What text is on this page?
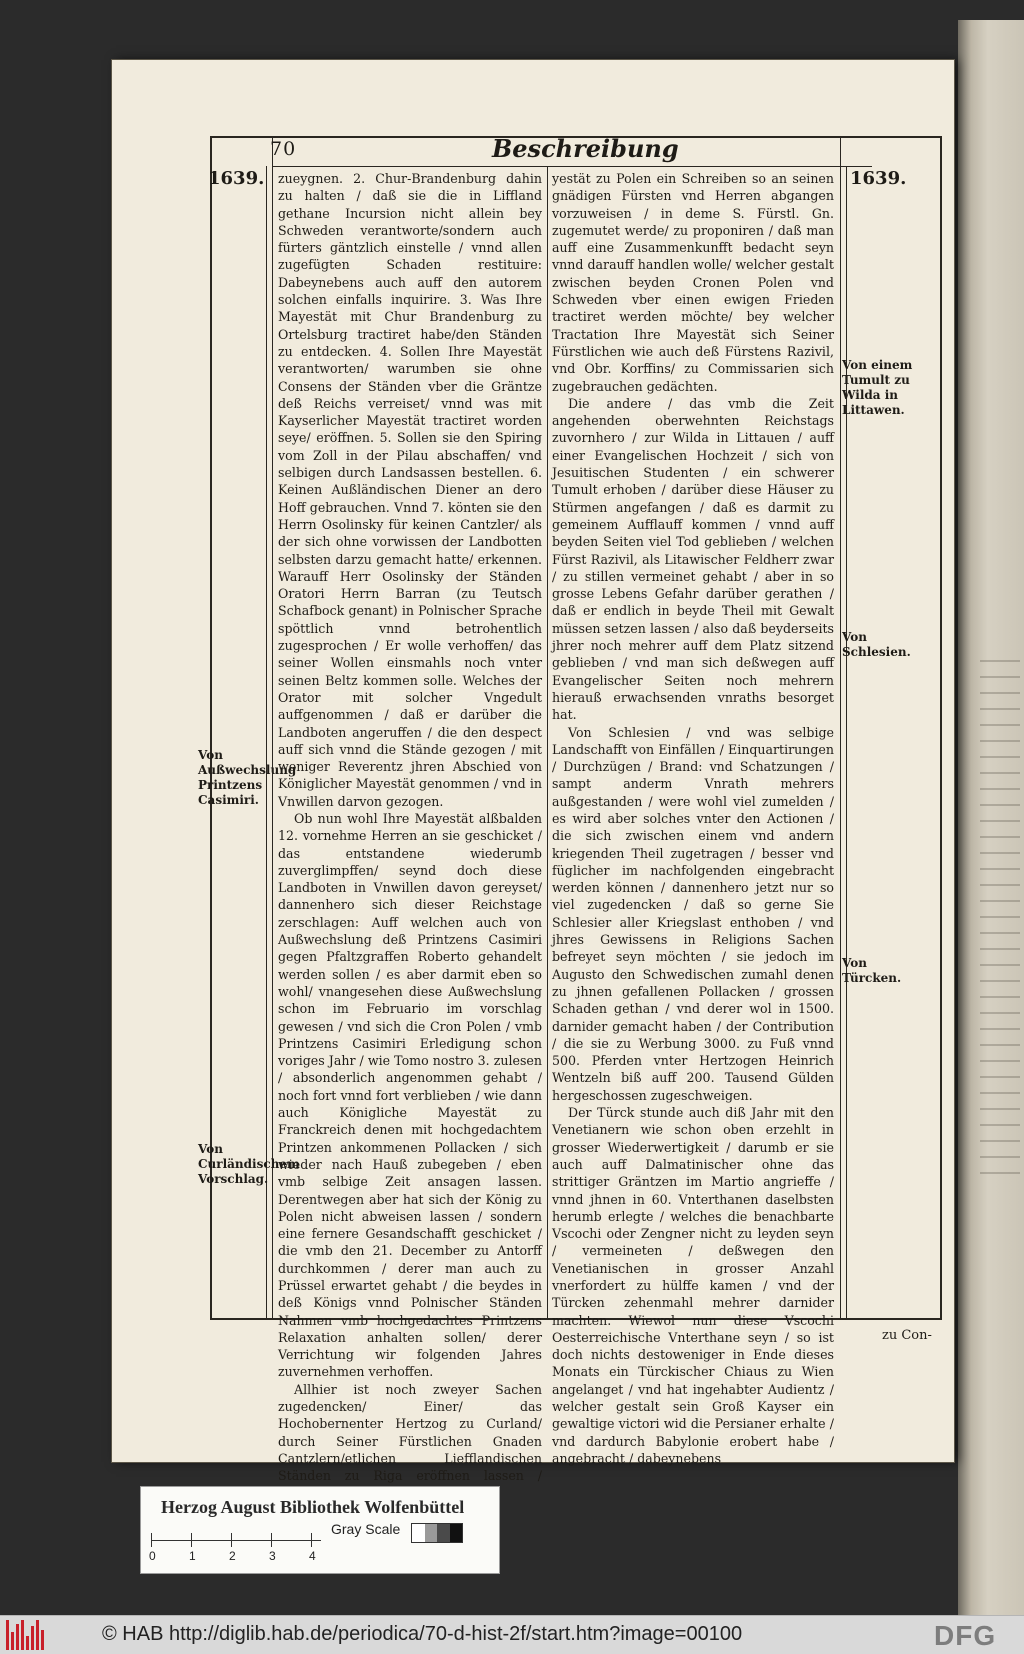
70	Beschreibung
1639.	1639.
Von Außwechslung Printzens Casimiri.
Von Curländischem Vorschlag.
Von einem Tumult zu Wilda in Littawen.
Von Schlesien.
Von Türcken.

zueygnen. 2. Chur-Brandenburg dahin zu halten / daß sie die in Liffland gethane Incursion nicht allein bey Schweden verantworte/sondern auch fürters gäntzlich einstelle / vnnd allen zugefügten Schaden restituire: Dabeynebens auch auff den autorem solchen einfalls inquirire. 3. Was Ihre Mayestät mit Chur Brandenburg zu Ortelsburg tractiret habe/den Ständen zu entdecken. 4. Sollen Ihre Mayestät verantworten/ warumben sie ohne Consens der Ständen vber die Gräntze deß Reichs verreiset/ vnnd was mit Kayserlicher Mayestät tractiret worden seye/ eröffnen. 5. Sollen sie den Spiring vom Zoll in der Pilau abschaffen/ vnd selbigen durch Landsassen bestellen. 6. Keinen Außländischen Diener an dero Hoff gebrauchen. Vnnd 7. könten sie den Herrn Osolinsky für keinen Cantzler/ als der sich ohne vorwissen der Landbotten selbsten darzu gemacht hatte/ erkennen. Warauff Herr Osolinsky der Ständen Oratori Herrn Barran (zu Teutsch Schafbock genant) in Polnischer Sprache spöttlich vnnd betrohentlich zugesprochen / Er wolle verhoffen/ das seiner Wollen einsmahls noch vnter seinen Beltz kommen solle. Welches der Orator mit solcher Vngedult auffgenommen / daß er darüber die Landboten angeruffen / die den despect auff sich vnnd die Stände gezogen / mit weniger Reverentz jhren Abschied von Königlicher Mayestät genommen / vnd in Vnwillen darvon gezogen.

Ob nun wohl Ihre Mayestät alßbalden 12. vornehme Herren an sie geschicket / das entstandene wiederumb zuverglimpffen/ seynd doch diese Landboten in Vnwillen davon gereyset/ dannenhero sich dieser Reichstage zerschlagen: Auff welchen auch von Außwechslung deß Printzens Casimiri gegen Pfaltzgraffen Roberto gehandelt werden sollen / es aber darmit eben so wohl/ vnangesehen diese Außwechslung schon im Februario im vorschlag gewesen / vnd sich die Cron Polen / vmb Printzens Casimiri Erledigung schon voriges Jahr / wie Tomo nostro 3. zulesen / absonderlich angenommen gehabt / noch fort vnnd fort verblieben / wie dann auch Königliche Mayestät zu Franckreich denen mit hochgedachtem Printzen ankommenen Pollacken / sich wieder nach Hauß zubegeben / eben vmb selbige Zeit ansagen lassen. Derentwegen aber hat sich der König zu Polen nicht abweisen lassen / sondern eine fernere Gesandschafft geschicket / die vmb den 21. December zu Antorff durchkommen / derer man auch zu Prüssel erwartet gehabt / die beydes in deß Königs vnnd Polnischer Ständen Nahmen vmb hochgedachtes Printzens Relaxation anhalten sollen/ derer Verrichtung wir folgenden Jahres zuvernehmen verhoffen.

Allhier ist noch zweyer Sachen zugedencken/ Einer/ das Hochobernenter Hertzog zu Curland/ durch Seiner Fürstlichen Gnaden Cantzlern/etlichen Liefflandischen Ständen zu Riga eröffnen lassen /

yestät zu Polen ein Schreiben so an seinen gnädigen Fürsten vnd Herren abgangen vorzuweisen / in deme S. Fürstl. Gn. zugemutet werde/ zu proponiren / daß man auff eine Zusammenkunfft bedacht seyn vnnd darauff handlen wolle/ welcher gestalt zwischen beyden Cronen Polen vnd Schweden vber einen ewigen Frieden tractiret werden möchte/ bey welcher Tractation Ihre Mayestät sich Seiner Fürstlichen wie auch deß Fürstens Razivil, vnd Obr. Korffins/ zu Commissarien sich zugebrauchen gedächten.

Die andere / das vmb die Zeit angehenden oberwehnten Reichstags zuvornhero / zur Wilda in Littauen / auff einer Evangelischen Hochzeit / sich von Jesuitischen Studenten / ein schwerer Tumult erhoben / darüber diese Häuser zu Stürmen angefangen / daß es darmit zu gemeinem Aufflauff kommen / vnnd auff beyden Seiten viel Tod geblieben / welchen Fürst Razivil, als Litawischer Feldherr zwar / zu stillen vermeinet gehabt / aber in so grosse Lebens Gefahr darüber gerathen / daß er endlich in beyde Theil mit Gewalt müssen setzen lassen / also daß beyderseits jhrer noch mehrer auff dem Platz sitzend geblieben / vnd man sich deßwegen auff Evangelischer Seiten noch mehrern hierauß erwachsenden vnraths besorget hat.

Von Schlesien / vnd was selbige Landschafft von Einfällen / Einquartirungen / Durchzügen / Brand: vnd Schatzungen / sampt anderm Vnrath mehrers außgestanden / were wohl viel zumelden / es wird aber solches vnter den Actionen / die sich zwischen einem vnd andern kriegenden Theil zugetragen / besser vnd füglicher im nachfolgenden eingebracht werden können / dannenhero jetzt nur so viel zugedencken / daß so gerne Sie Schlesier aller Kriegslast enthoben / vnd jhres Gewissens in Religions Sachen befreyet seyn möchten / sie jedoch im Augusto den Schwedischen zumahl denen zu jhnen gefallenen Pollacken / grossen Schaden gethan / vnd derer wol in 1500. darnider gemacht haben / der Contribution / die sie zu Werbung 3000. zu Fuß vnnd 500. Pferden vnter Hertzogen Heinrich Wentzeln biß auff 200. Tausend Gülden hergeschossen zugeschweigen.

Der Türck stunde auch diß Jahr mit den Venetianern wie schon oben erzehlt in grosser Wiederwertigkeit / darumb er sie auch auff Dalmatinischer ohne das strittiger Gräntzen im Martio angrieffe / vnnd jhnen in 60. Vnterthanen daselbsten herumb erlegte / welches die benachbarte Vscochi oder Zengner nicht zu leyden seyn / vermeineten / deßwegen den Venetianischen in grosser Anzahl vnerfordert zu hülffe kamen / vnd der Türcken zehenmahl mehrer darnider machten. Wiewol nun diese Vscochi Oesterreichische Vnterthane seyn / so ist doch nichts destoweniger in Ende dieses Monats ein Türckischer Chiaus zu Wien angelanget / vnd hat ingehabter Audientz / welcher gestalt sein Groß Kayser ein gewaltige victori wid die Persianer erhalte / vnd dardurch Babylonie erobert habe / angebracht / dabeynebens

zu Con-
Herzog August Bibliothek Wolfenbüttel
0	1	2	3	4
Gray Scale
© HAB http://diglib.hab.de/periodica/70-d-hist-2f/start.htm?image=00100	DFG
